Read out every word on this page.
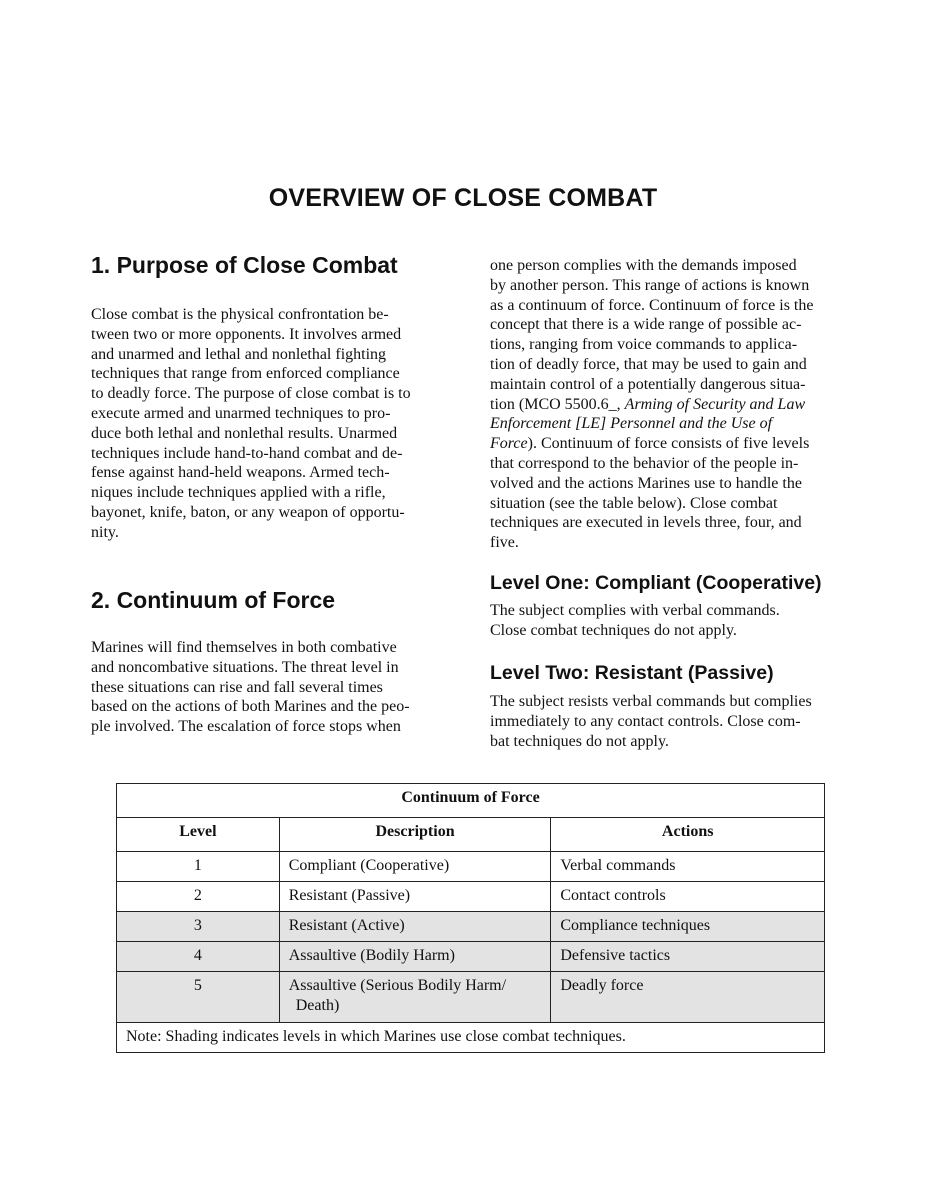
OVERVIEW OF CLOSE COMBAT
1. Purpose of Close Combat
Close combat is the physical confrontation be-
tween two or more opponents. It involves armed
and unarmed and lethal and nonlethal fighting
techniques that range from enforced compliance
to deadly force. The purpose of close combat is to
execute armed and unarmed techniques to pro-
duce both lethal and nonlethal results. Unarmed
techniques include hand-to-hand combat and de-
fense against hand-held weapons. Armed tech-
niques include techniques applied with a rifle,
bayonet, knife, baton, or any weapon of opportu-
nity.
2. Continuum of Force
Marines will find themselves in both combative
and noncombative situations. The threat level in
these situations can rise and fall several times
based on the actions of both Marines and the peo-
ple involved. The escalation of force stops when
one person complies with the demands imposed
by another person. This range of actions is known
as a continuum of force. Continuum of force is the
concept that there is a wide range of possible ac-
tions, ranging from voice commands to applica-
tion of deadly force, that may be used to gain and
maintain control of a potentially dangerous situa-
tion (MCO 5500.6_, Arming of Security and Law
Enforcement [LE] Personnel and the Use of
Force). Continuum of force consists of five levels
that correspond to the behavior of the people in-
volved and the actions Marines use to handle the
situation (see the table below). Close combat
techniques are executed in levels three, four, and
five.
Level One: Compliant (Cooperative)
The subject complies with verbal commands.
Close combat techniques do not apply.
Level Two: Resistant (Passive)
The subject resists verbal commands but complies
immediately to any contact controls. Close com-
bat techniques do not apply.
Continuum of Force		
Level	Description	Actions
1	Compliant (Cooperative)	Verbal commands
2	Resistant (Passive)	Contact controls
3	Resistant (Active)	Compliance techniques
4	Assaultive (Bodily Harm)	Defensive tactics
5	Assaultive (Serious Bodily Harm/
Death)	Deadly force
Note: Shading indicates levels in which Marines use close combat techniques.		
